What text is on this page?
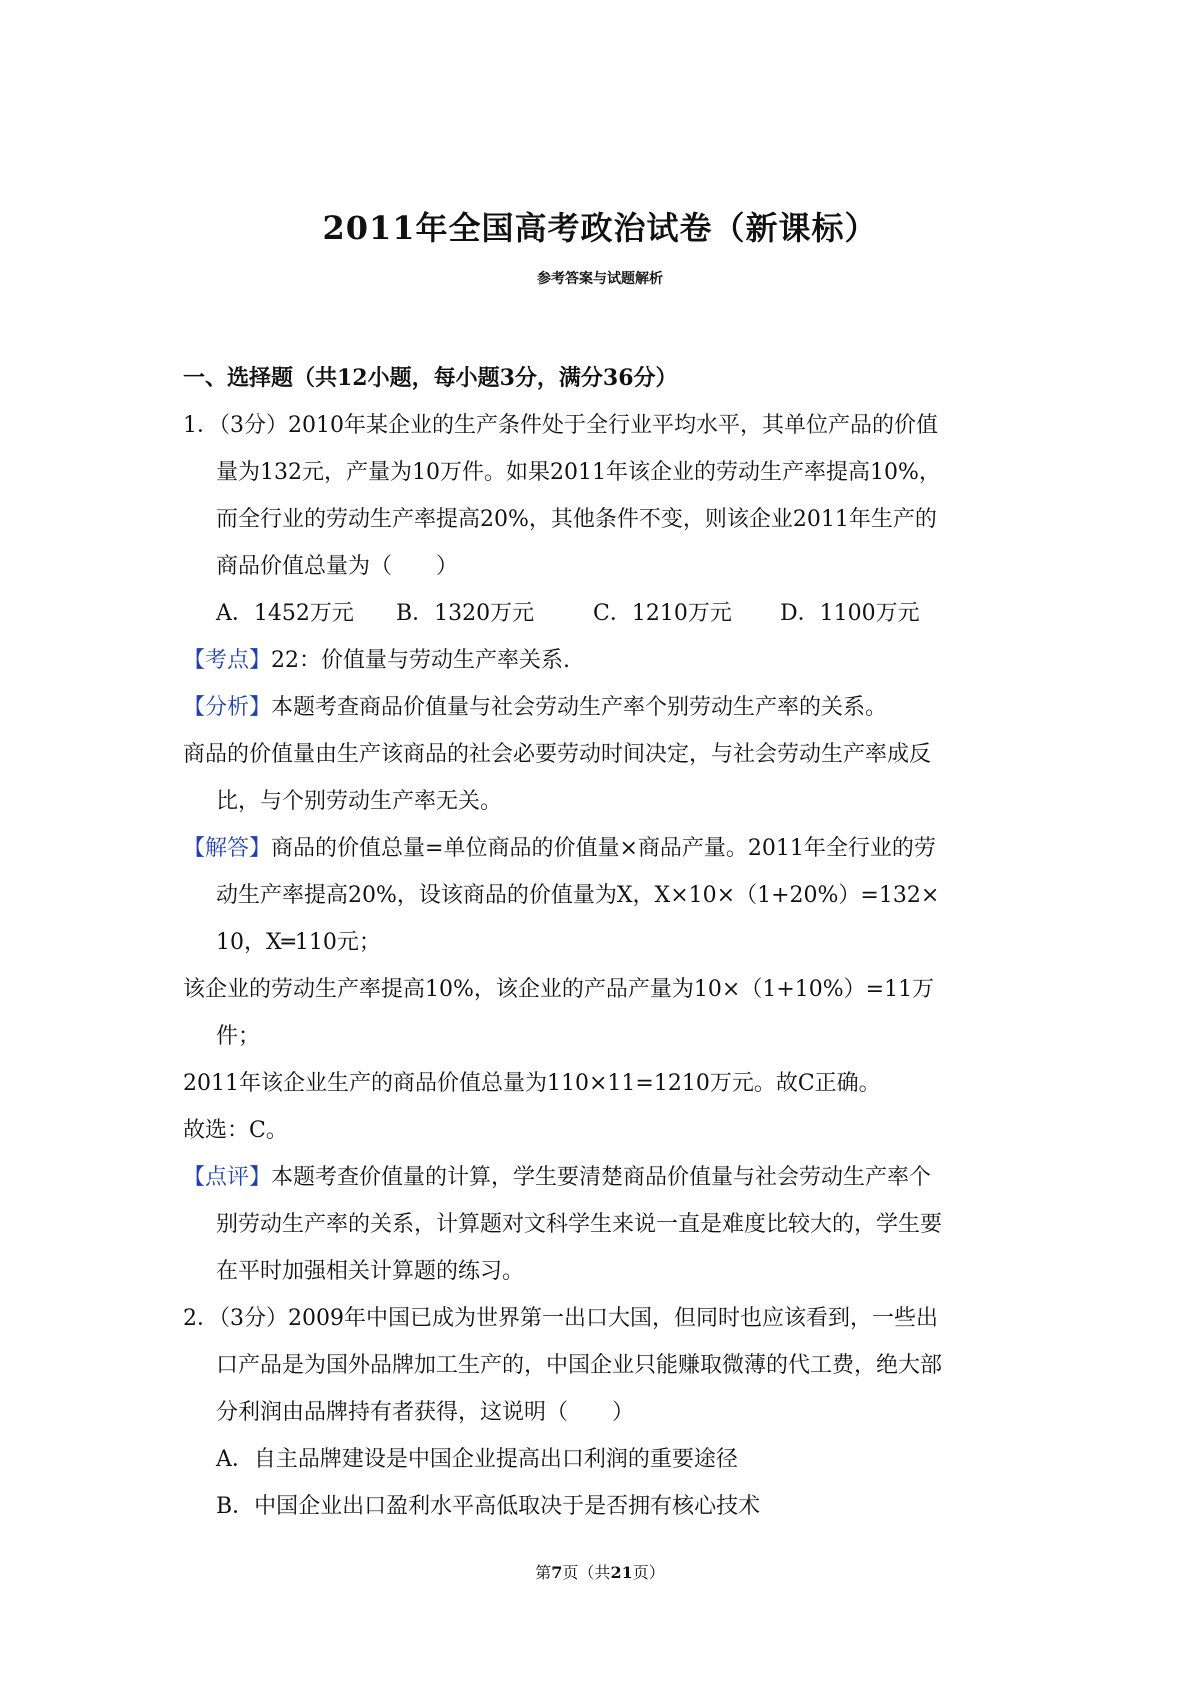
2011年全国高考政治试卷（新课标）
参考答案与试题解析
一、选择题（共12小题，每小题3分，满分36分）
1．（3分）2010年某企业的生产条件处于全行业平均水平，其单位产品的价值
量为132元，产量为10万件。如果2011年该企业的劳动生产率提高10%，
而全行业的劳动生产率提高20%，其他条件不变，则该企业2011年生产的
商品价值总量为（　　）
A．1452万元	B．1320万元	C．1210万元	D．1100万元
【考点】22：价值量与劳动生产率关系.
【分析】本题考查商品价值量与社会劳动生产率个别劳动生产率的关系。
商品的价值量由生产该商品的社会必要劳动时间决定，与社会劳动生产率成反
比，与个别劳动生产率无关。
【解答】商品的价值总量=单位商品的价值量×商品产量。2011年全行业的劳
动生产率提高20%，设该商品的价值量为X，X×10×（1+20%）=132×
10，X═110元；
该企业的劳动生产率提高10%，该企业的产品产量为10×（1+10%）=11万
件；
2011年该企业生产的商品价值总量为110×11=1210万元。故C正确。
故选：C。
【点评】本题考查价值量的计算，学生要清楚商品价值量与社会劳动生产率个
别劳动生产率的关系，计算题对文科学生来说一直是难度比较大的，学生要
在平时加强相关计算题的练习。
2．（3分）2009年中国已成为世界第一出口大国，但同时也应该看到，一些出
口产品是为国外品牌加工生产的，中国企业只能赚取微薄的代工费，绝大部
分利润由品牌持有者获得，这说明（　　）
A．自主品牌建设是中国企业提高出口利润的重要途径
B．中国企业出口盈利水平高低取决于是否拥有核心技术
第7页（共21页）
